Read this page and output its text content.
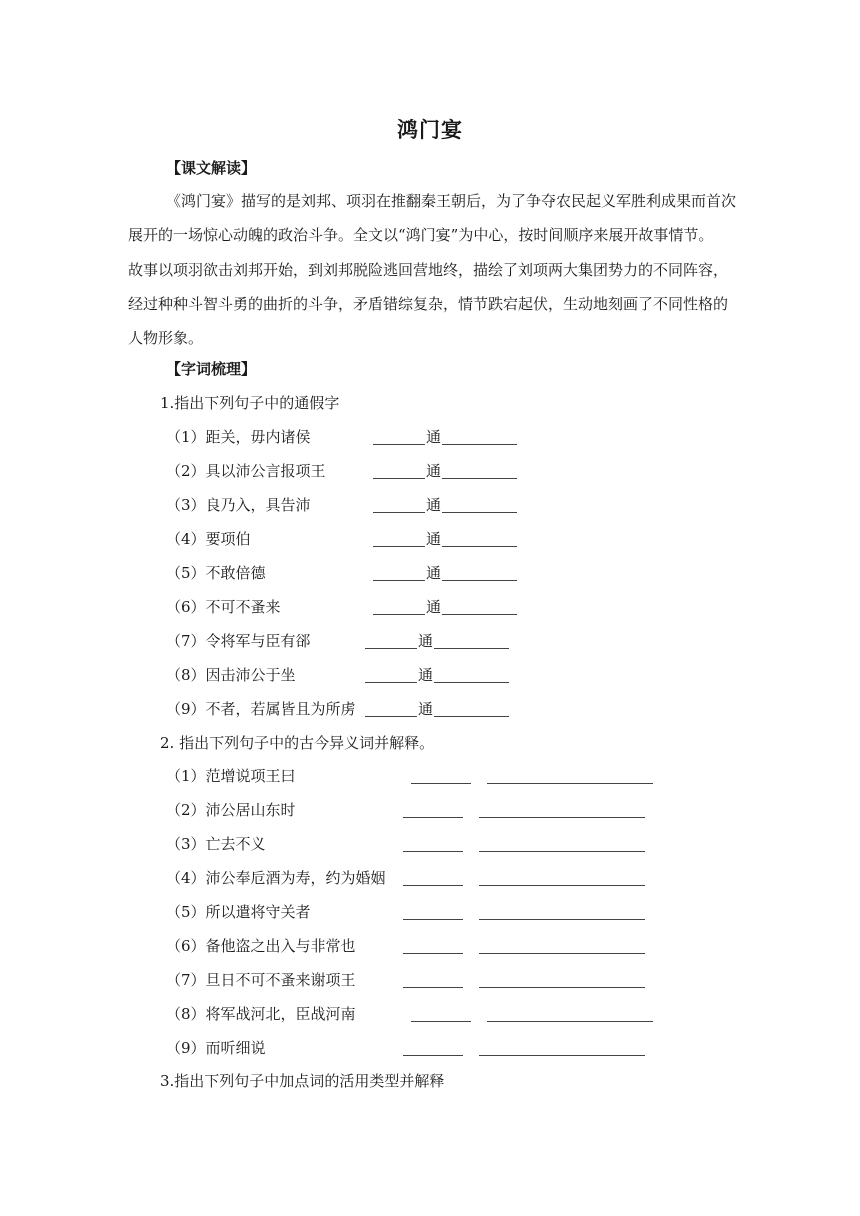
鸿门宴
【课文解读】

《鸿门宴》描写的是刘邦、项羽在推翻秦王朝后，为了争夺农民起义军胜利成果而首次

展开的一场惊心动魄的政治斗争。全文以“鸿门宴”为中心，按时间顺序来展开故事情节。

故事以项羽欲击刘邦开始，到刘邦脱险逃回营地终，描绘了刘项两大集团势力的不同阵容，

经过种种斗智斗勇的曲折的斗争，矛盾错综复杂，情节跌宕起伏，生动地刻画了不同性格的

人物形象。

【字词梳理】
1.指出下列句子中的通假字
（1）距关，毋内诸侯	通
（2）具以沛公言报项王	通
（3）良乃入，具告沛	通
（4）要项伯	通
（5）不敢倍德	通
（6）不可不蚤来	通
（7）令将军与臣有郤	通
（8）因击沛公于坐	通
（9）不者，若属皆且为所虏	通
2. 指出下列句子中的古今异义词并解释。
（1）范增说项王曰
（2）沛公居山东时
（3）亡去不义
（4）沛公奉卮酒为寿，约为婚姻
（5）所以遣将守关者
（6）备他盗之出入与非常也
（7）旦日不可不蚤来谢项王
（8）将军战河北，臣战河南
（9）而听细说
3.指出下列句子中加点词的活用类型并解释
